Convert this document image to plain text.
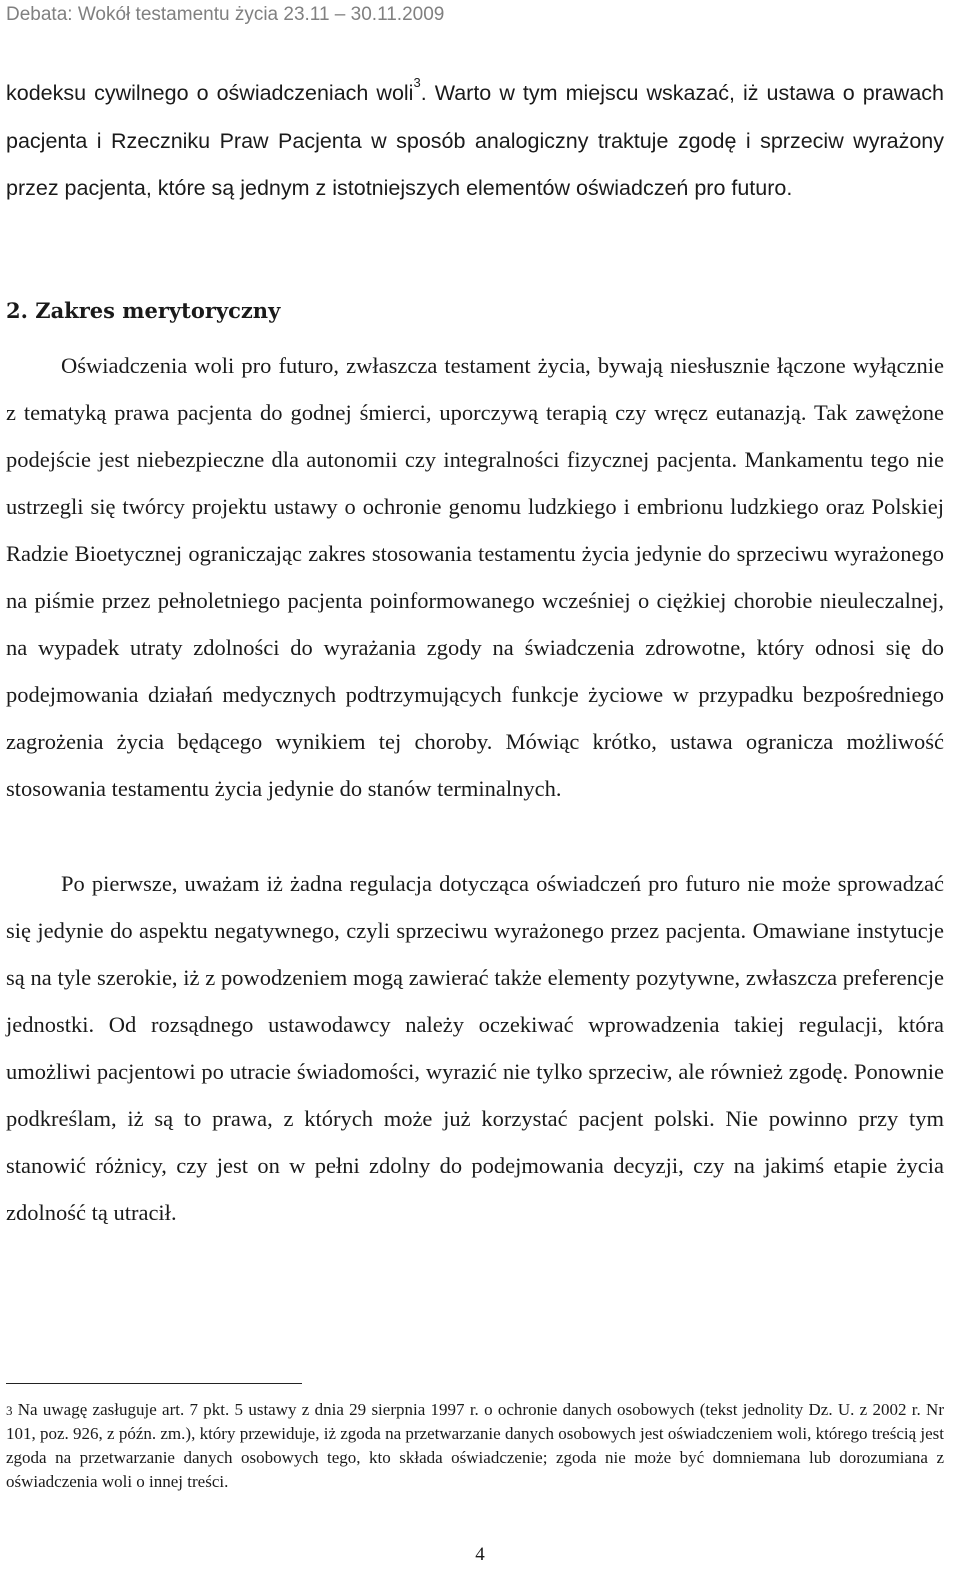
Debata: Wokół testamentu życia 23.11 – 30.11.2009

kodeksu cywilnego o oświadczeniach woli$^3$. Warto w tym miejscu wskazać, iż ustawa o prawach pacjenta i Rzeczniku Praw Pacjenta w sposób analogiczny traktuje zgodę i sprzeciw wyrażony przez pacjenta, które są jednym z istotniejszych elementów oświadczeń pro futuro.

2. Zakres merytoryczny

Oświadczenia woli pro futuro, zwłaszcza testament życia, bywają niesłusznie łączone wyłącznie z tematyką prawa pacjenta do godnej śmierci, uporczywą terapią czy wręcz eutanazją. Tak zawężone podejście jest niebezpieczne dla autonomii czy integralności fizycznej pacjenta. Mankamentu tego nie ustrzegli się twórcy projektu ustawy o ochronie genomu ludzkiego i embrionu ludzkiego oraz Polskiej Radzie Bioetycznej ograniczając zakres stosowania testamentu życia jedynie do sprzeciwu wyrażonego na piśmie przez pełnoletniego pacjenta poinformowanego wcześniej o ciężkiej chorobie nieuleczalnej, na wypadek utraty zdolności do wyrażania zgody na świadczenia zdrowotne, który odnosi się do podejmowania działań medycznych podtrzymujących funkcje życiowe w przypadku bezpośredniego zagrożenia życia będącego wynikiem tej choroby. Mówiąc krótko, ustawa ogranicza możliwość stosowania testamentu życia jedynie do stanów terminalnych.

Po pierwsze, uważam iż żadna regulacja dotycząca oświadczeń pro futuro nie może sprowadzać się jedynie do aspektu negatywnego, czyli sprzeciwu wyrażonego przez pacjenta. Omawiane instytucje są na tyle szerokie, iż z powodzeniem mogą zawierać także elementy pozytywne, zwłaszcza preferencje jednostki. Od rozsądnego ustawodawcy należy oczekiwać wprowadzenia takiej regulacji, która umożliwi pacjentowi po utracie świadomości, wyrazić nie tylko sprzeciw, ale również zgodę. Ponownie podkreślam, iż są to prawa, z których może już korzystać pacjent polski. Nie powinno przy tym stanowić różnicy, czy jest on w pełni zdolny do podejmowania decyzji, czy na jakimś etapie życia zdolność tą utracił.

$^3$ Na uwagę zasługuje art. 7 pkt. 5 ustawy z dnia 29 sierpnia 1997 r. o ochronie danych osobowych (tekst jednolity Dz. U. z 2002 r. Nr 101, poz. 926, z późn. zm.), który przewiduje, iż zgoda na przetwarzanie danych osobowych jest oświadczeniem woli, którego treścią jest zgoda na przetwarzanie danych osobowych tego, kto składa oświadczenie; zgoda nie może być domniemana lub dorozumiana z oświadczenia woli o innej treści.

4
